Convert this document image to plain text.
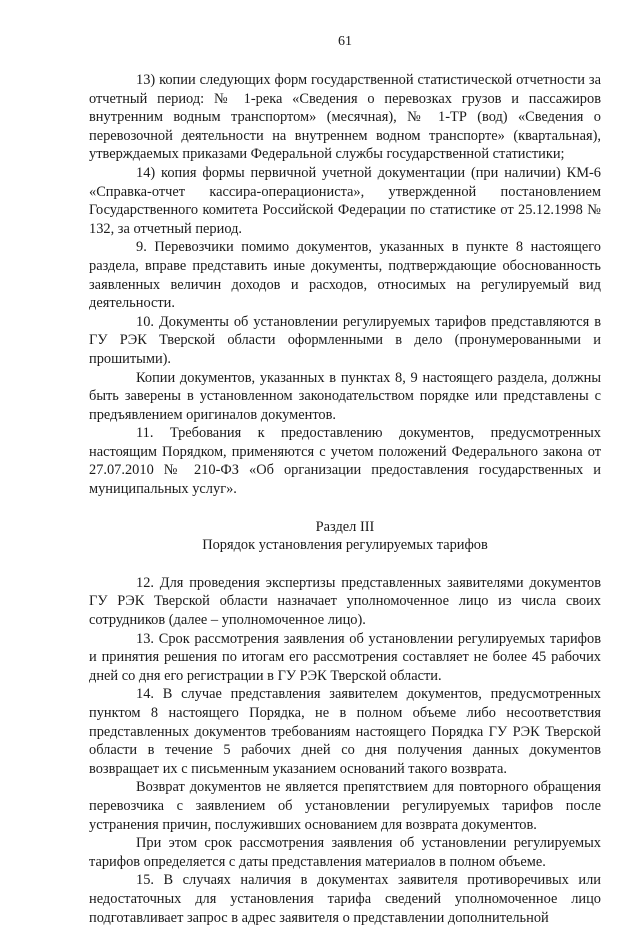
61

13) копии следующих форм государственной статистической отчетности за отчетный период: № 1-река «Сведения о перевозках грузов и пассажиров внутренним водным транспортом» (месячная), № 1-ТР (вод) «Сведения о перевозочной деятельности на внутреннем водном транспорте» (квартальная), утверждаемых приказами Федеральной службы государственной статистики;

14) копия формы первичной учетной документации (при наличии) КМ-6 «Справка-отчет кассира-операциониста», утвержденной постановлением Государственного комитета Российской Федерации по статистике от 25.12.1998 № 132, за отчетный период.

9. Перевозчики помимо документов, указанных в пункте 8 настоящего раздела, вправе представить иные документы, подтверждающие обоснованность заявленных величин доходов и расходов, относимых на регулируемый вид деятельности.

10. Документы об установлении регулируемых тарифов представляются в ГУ РЭК Тверской области оформленными в дело (пронумерованными и прошитыми).

Копии документов, указанных в пунктах 8, 9 настоящего раздела, должны быть заверены в установленном законодательством порядке или представлены с предъявлением оригиналов документов.

11. Требования к предоставлению документов, предусмотренных настоящим Порядком, применяются с учетом положений Федерального закона от 27.07.2010 № 210-ФЗ «Об организации предоставления государственных и муниципальных услуг».

Раздел III
Порядок установления регулируемых тарифов

12. Для проведения экспертизы представленных заявителями документов ГУ РЭК Тверской области назначает уполномоченное лицо из числа своих сотрудников (далее – уполномоченное лицо).

13. Срок рассмотрения заявления об установлении регулируемых тарифов и принятия решения по итогам его рассмотрения составляет не более 45 рабочих дней со дня его регистрации в ГУ РЭК Тверской области.

14. В случае представления заявителем документов, предусмотренных пунктом 8 настоящего Порядка, не в полном объеме либо несоответствия представленных документов требованиям настоящего Порядка ГУ РЭК Тверской области в течение 5 рабочих дней со дня получения данных документов возвращает их с письменным указанием оснований такого возврата.

Возврат документов не является препятствием для повторного обращения перевозчика с заявлением об установлении регулируемых тарифов после устранения причин, послуживших основанием для возврата документов.

При этом срок рассмотрения заявления об установлении регулируемых тарифов определяется с даты представления материалов в полном объеме.

15. В случаях наличия в документах заявителя противоречивых или недостаточных для установления тарифа сведений уполномоченное лицо подготавливает запрос в адрес заявителя о представлении дополнительной
